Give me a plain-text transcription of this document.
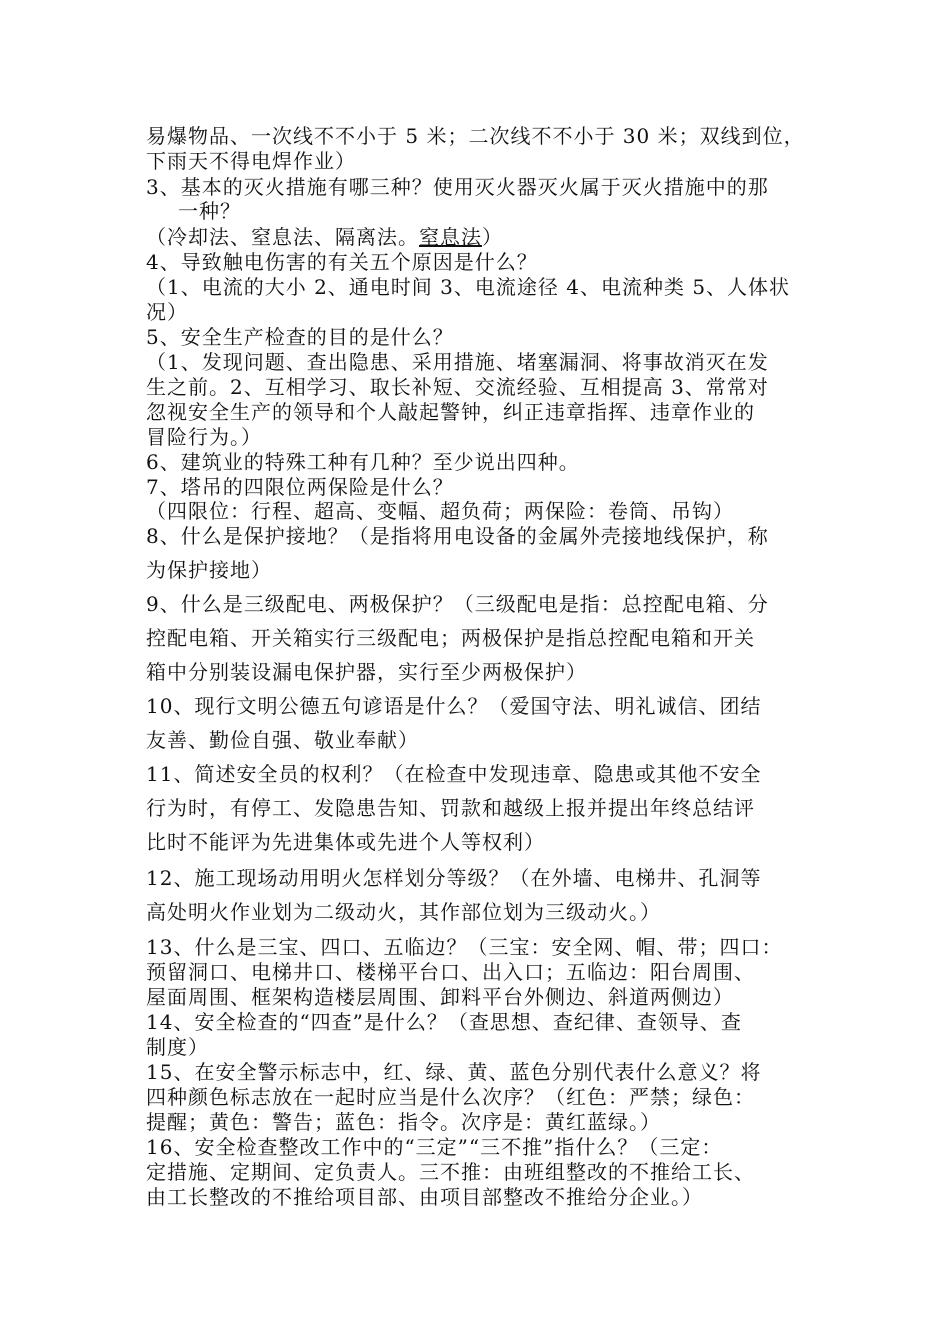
易爆物品、一次线不不小于 5 米；二次线不不小于 30 米；双线到位，
下雨天不得电焊作业）
3、基本的灭火措施有哪三种？使用灭火器灭火属于灭火措施中的那
一种？
（冷却法、窒息法、隔离法。窒息法）
4、导致触电伤害的有关五个原因是什么？
（1、电流的大小 2、通电时间 3、电流途径 4、电流种类 5、人体状
况）
5、安全生产检查的目的是什么？
（1、发现问题、查出隐患、采用措施、堵塞漏洞、将事故消灭在发
生之前。2、互相学习、取长补短、交流经验、互相提高 3、常常对
忽视安全生产的领导和个人敲起警钟，纠正违章指挥、违章作业的
冒险行为。）
6、建筑业的特殊工种有几种？至少说出四种。
7、塔吊的四限位两保险是什么？
（四限位：行程、超高、变幅、超负荷；两保险：卷筒、吊钩）
8、什么是保护接地？（是指将用电设备的金属外壳接地线保护，称
为保护接地）
9、什么是三级配电、两极保护？（三级配电是指：总控配电箱、分
控配电箱、开关箱实行三级配电；两极保护是指总控配电箱和开关
箱中分别装设漏电保护器，实行至少两极保护）
10、现行文明公德五句谚语是什么？（爱国守法、明礼诚信、团结
友善、勤俭自强、敬业奉献）
11、简述安全员的权利？（在检查中发现违章、隐患或其他不安全
行为时，有停工、发隐患告知、罚款和越级上报并提出年终总结评
比时不能评为先进集体或先进个人等权利）
12、施工现场动用明火怎样划分等级？（在外墙、电梯井、孔洞等
高处明火作业划为二级动火，其作部位划为三级动火。）
13、什么是三宝、四口、五临边？（三宝：安全网、帽、带；四口：
预留洞口、电梯井口、楼梯平台口、出入口；五临边：阳台周围、
屋面周围、框架构造楼层周围、卸料平台外侧边、斜道两侧边）
14、安全检查的“四查”是什么？（查思想、查纪律、查领导、查
制度）
15、在安全警示标志中，红、绿、黄、蓝色分别代表什么意义？将
四种颜色标志放在一起时应当是什么次序？（红色：严禁；绿色：
提醒；黄色：警告；蓝色：指令。次序是：黄红蓝绿。）
16、安全检查整改工作中的“三定”“三不推”指什么？（三定：
定措施、定期间、定负责人。三不推：由班组整改的不推给工长、
由工长整改的不推给项目部、由项目部整改不推给分企业。）
